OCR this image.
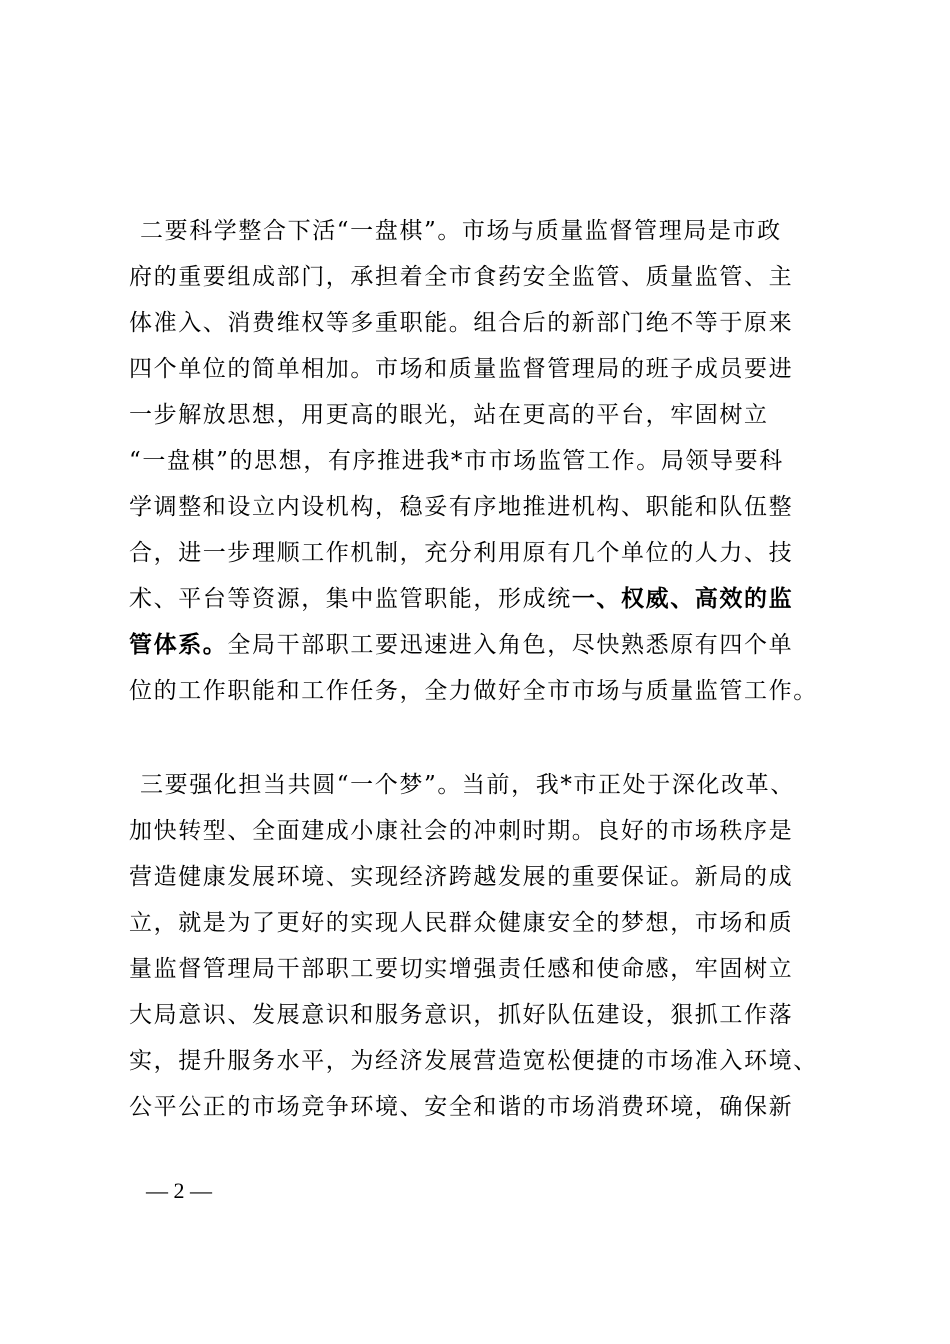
二要科学整合下活“一盘棋”。市场与质量监督管理局是市政
府的重要组成部门，承担着全市食药安全监管、质量监管、主
体准入、消费维权等多重职能。组合后的新部门绝不等于原来
四个单位的简单相加。市场和质量监督管理局的班子成员要进
一步解放思想，用更高的眼光，站在更高的平台，牢固树立
“一盘棋”的思想，有序推进我*市市场监管工作。局领导要科
学调整和设立内设机构，稳妥有序地推进机构、职能和队伍整
合，进一步理顺工作机制，充分利用原有几个单位的人力、技
术、平台等资源，集中监管职能，形成统一、权威、高效的监
管体系。全局干部职工要迅速进入角色，尽快熟悉原有四个单
位的工作职能和工作任务，全力做好全市市场与质量监管工作。
三要强化担当共圆“一个梦”。当前，我*市正处于深化改革、
加快转型、全面建成小康社会的冲刺时期。良好的市场秩序是
营造健康发展环境、实现经济跨越发展的重要保证。新局的成
立，就是为了更好的实现人民群众健康安全的梦想，市场和质
量监督管理局干部职工要切实增强责任感和使命感，牢固树立
大局意识、发展意识和服务意识，抓好队伍建设，狠抓工作落
实，提升服务水平，为经济发展营造宽松便捷的市场准入环境、
公平公正的市场竞争环境、安全和谐的市场消费环境，确保新
— 2 —
